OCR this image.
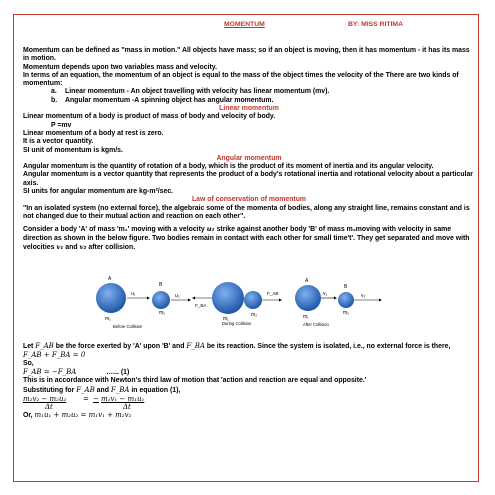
MOMENTUM	BY: MISS RITIMA

Momentum can be defined as "mass in motion." All objects have mass; so if an object is moving, then it has momentum - it has its mass in motion.

Momentum depends upon two variables mass and velocity.

In terms of an equation, the momentum of an object is equal to the mass of the object times the velocity of the There are two kinds of momentum:

a. Linear momentum - An object travelling with velocity has linear momentum (mv).

b. Angular momentum -A spinning object has angular momentum.

Linear momentum

Linear momentum of a body is product of mass of body and velocity of body.

P =mv

Linear momentum of a body at rest is zero.

It is a vector quantity.

SI unit of momentum is kgm/s.

Angular momentum

Angular momentum is the quantity of rotation of a body, which is the product of its moment of inertia and its angular velocity.

Angular momentum is a vector quantity that represents the product of a body's rotational inertia and rotational velocity about a particular axis.

SI units for angular momentum are kg-m²/sec.

Law of conservation of momentum

"In an isolated system (no external force), the algebraic some of the momenta of bodies, along any straight line, remains constant and is not changed due to their mutual action and reaction on each other".

Consider a body 'A' of mass 'm₁' moving with a velocity u₁ strike against another body 'B' of mass m₂moving with velocity in same direction as shown in the below figure. Two bodies remain in contact with each other for small time't'. They get separated and move with velocities v₁ and v₂ after collision.

A
B
u₁	u₂
m₁
m₂
Before Collision
F_BA
F_AB
m₁
m₂
During Collision
A
B
v₁	v₂
m₁
m₂
After Collision

Let F_AB be the force exerted by 'A' upon 'B' and F_BA be its reaction. Since the system is isolated, i.e., no external force is there,

F_AB + F_BA = 0

So,

F_AB = −F_BA	…... (1)

This is in accordance with Newton's third law of motion that 'action and reaction are equal and opposite.'

Substituting for F_AB and F_BA in equation (1),

m₂v₂ − m₂u₂
Δt
= − m₁v₁ − m₁u₁
Δt

Or, m₁u₁ + m₂u₂ = m₁v₁ + m₂v₂
